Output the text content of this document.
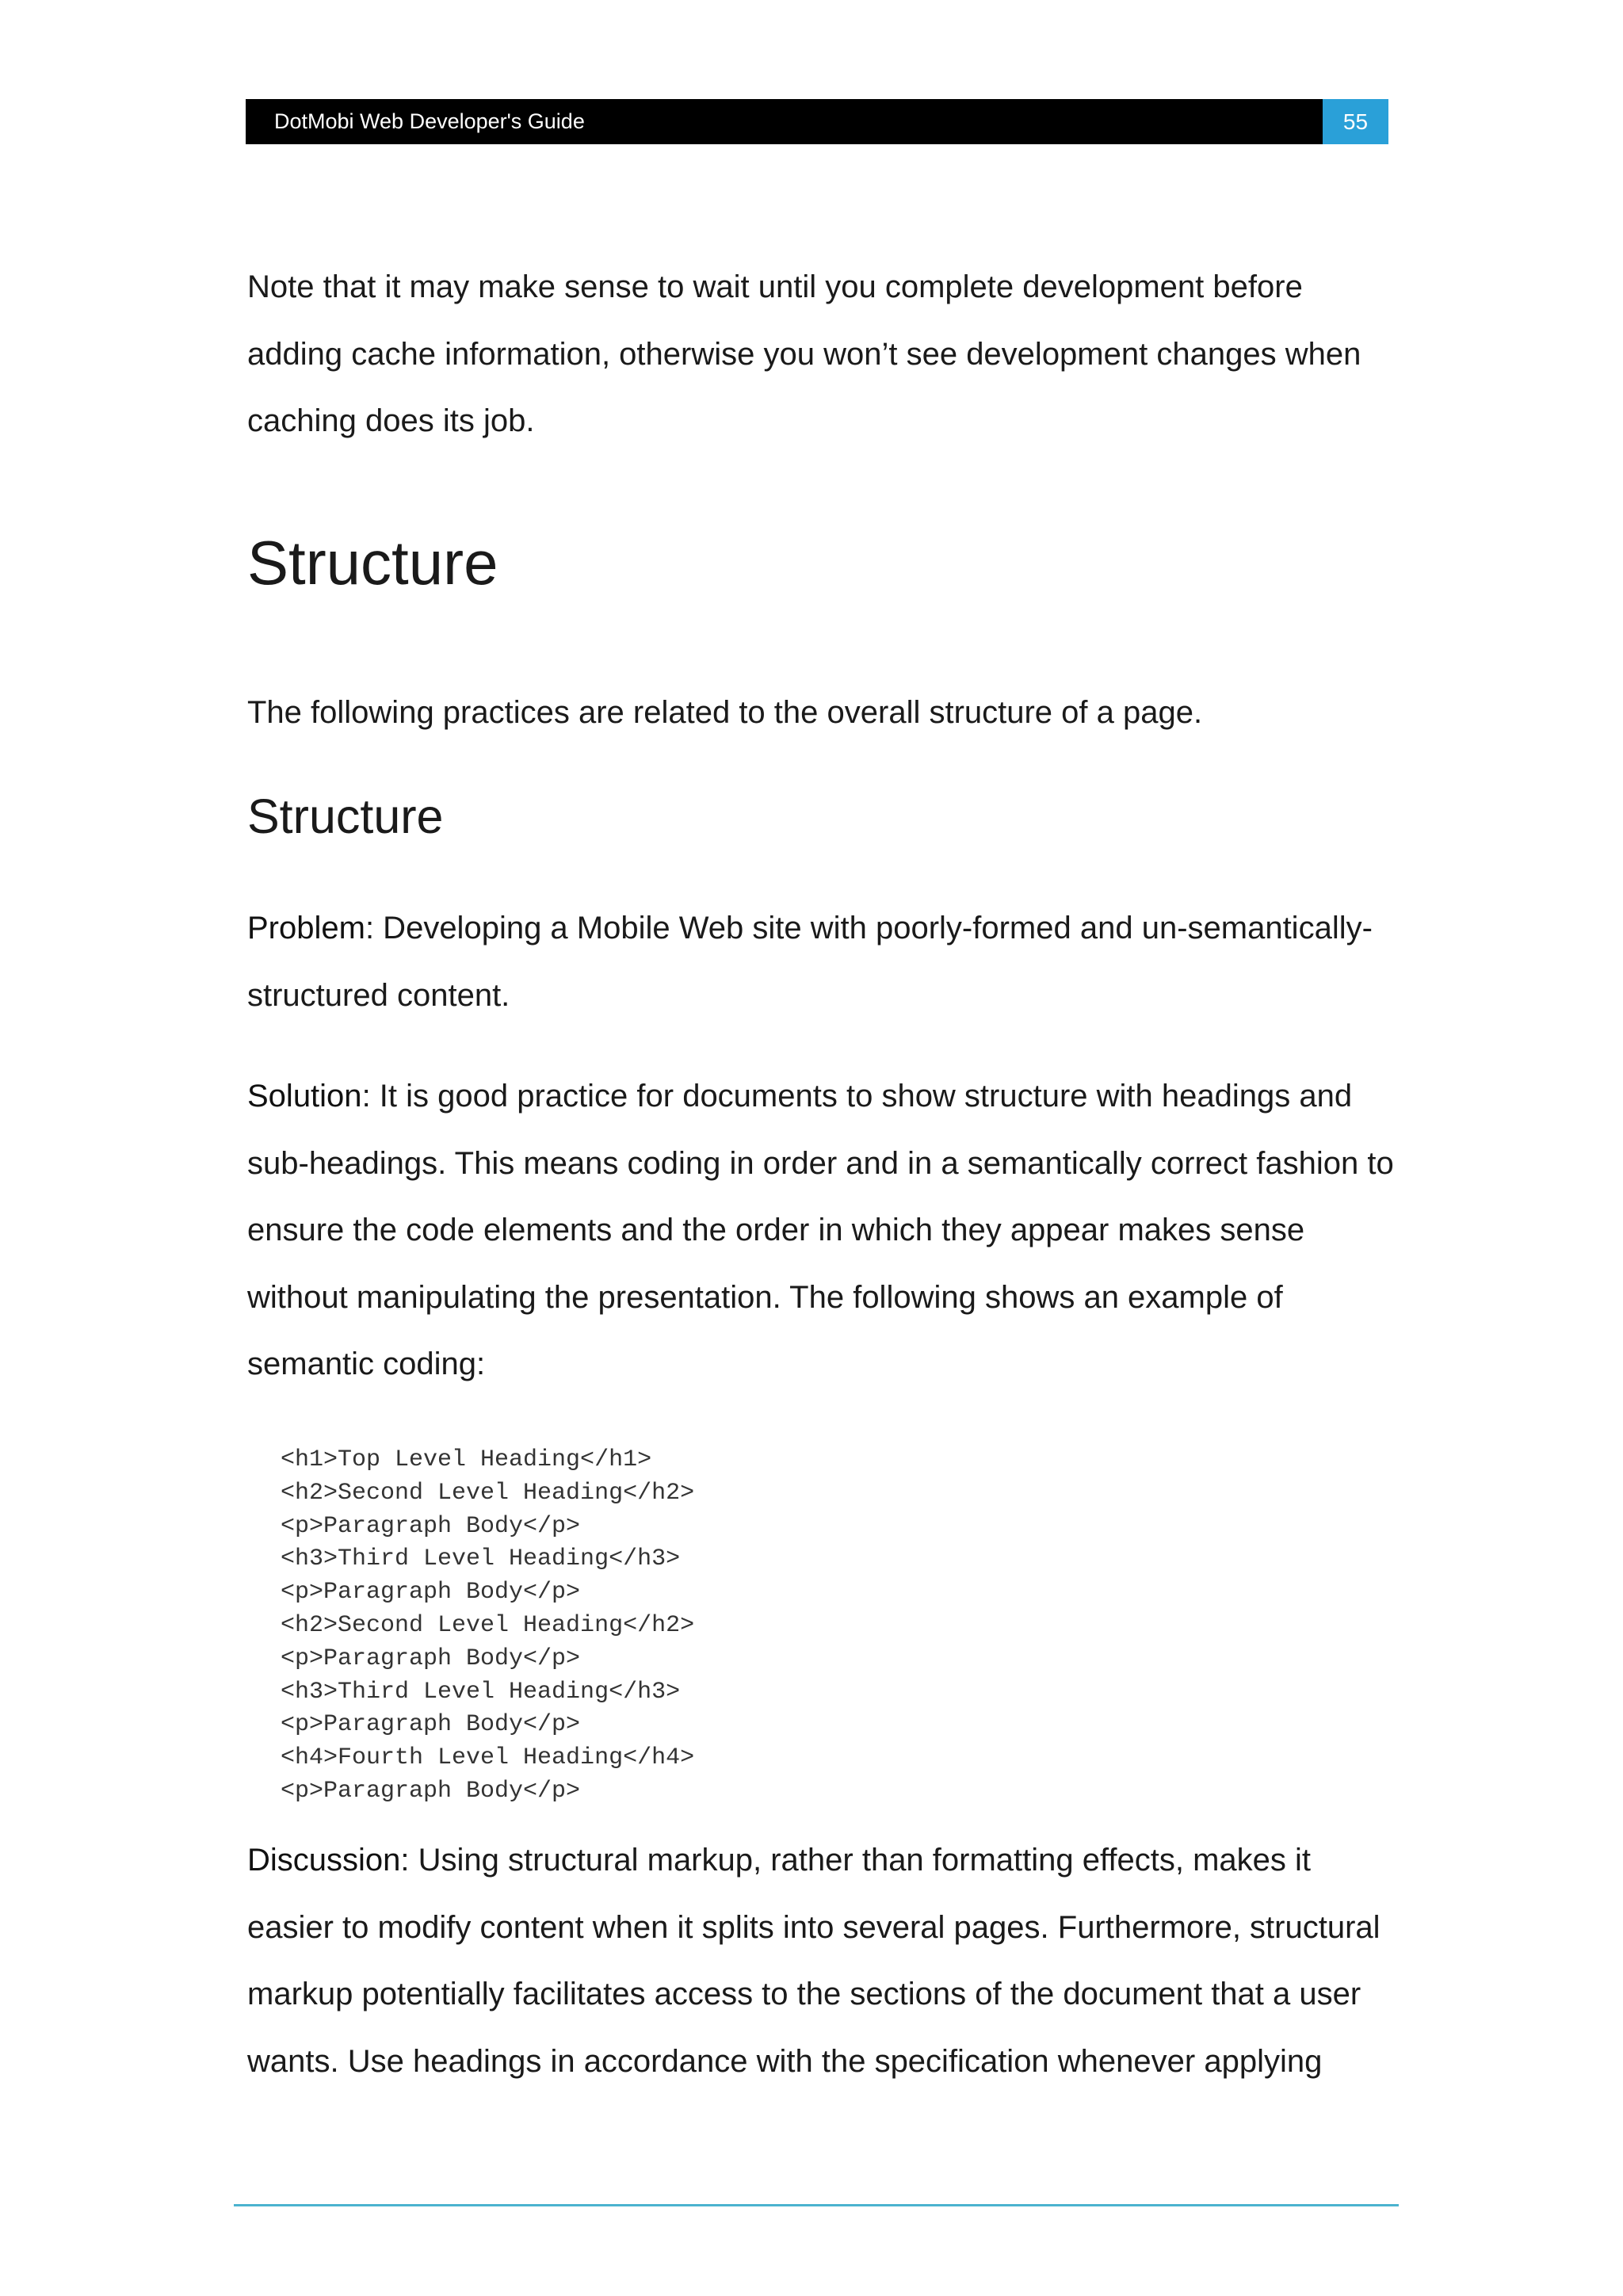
DotMobi Web Developer's Guide	55

Note that it may make sense to wait until you complete development before adding cache information, otherwise you won’t see development changes when caching does its job.

Structure

The following practices are related to the overall structure of a page.

Structure

Problem: Developing a Mobile Web site with poorly-formed and un-semantically-structured content.

Solution: It is good practice for documents to show structure with headings and sub-headings. This means coding in order and in a semantically correct fashion to ensure the code elements and the order in which they appear makes sense without manipulating the presentation. The following shows an example of semantic coding:

<h1>Top Level Heading</h1>
<h2>Second Level Heading</h2>
<p>Paragraph Body</p>
<h3>Third Level Heading</h3>
<p>Paragraph Body</p>
<h2>Second Level Heading</h2>
<p>Paragraph Body</p>
<h3>Third Level Heading</h3>
<p>Paragraph Body</p>
<h4>Fourth Level Heading</h4>
<p>Paragraph Body</p>

Discussion: Using structural markup, rather than formatting effects, makes it easier to modify content when it splits into several pages. Furthermore, structural markup potentially facilitates access to the sections of the document that a user wants. Use headings in accordance with the specification whenever applying
